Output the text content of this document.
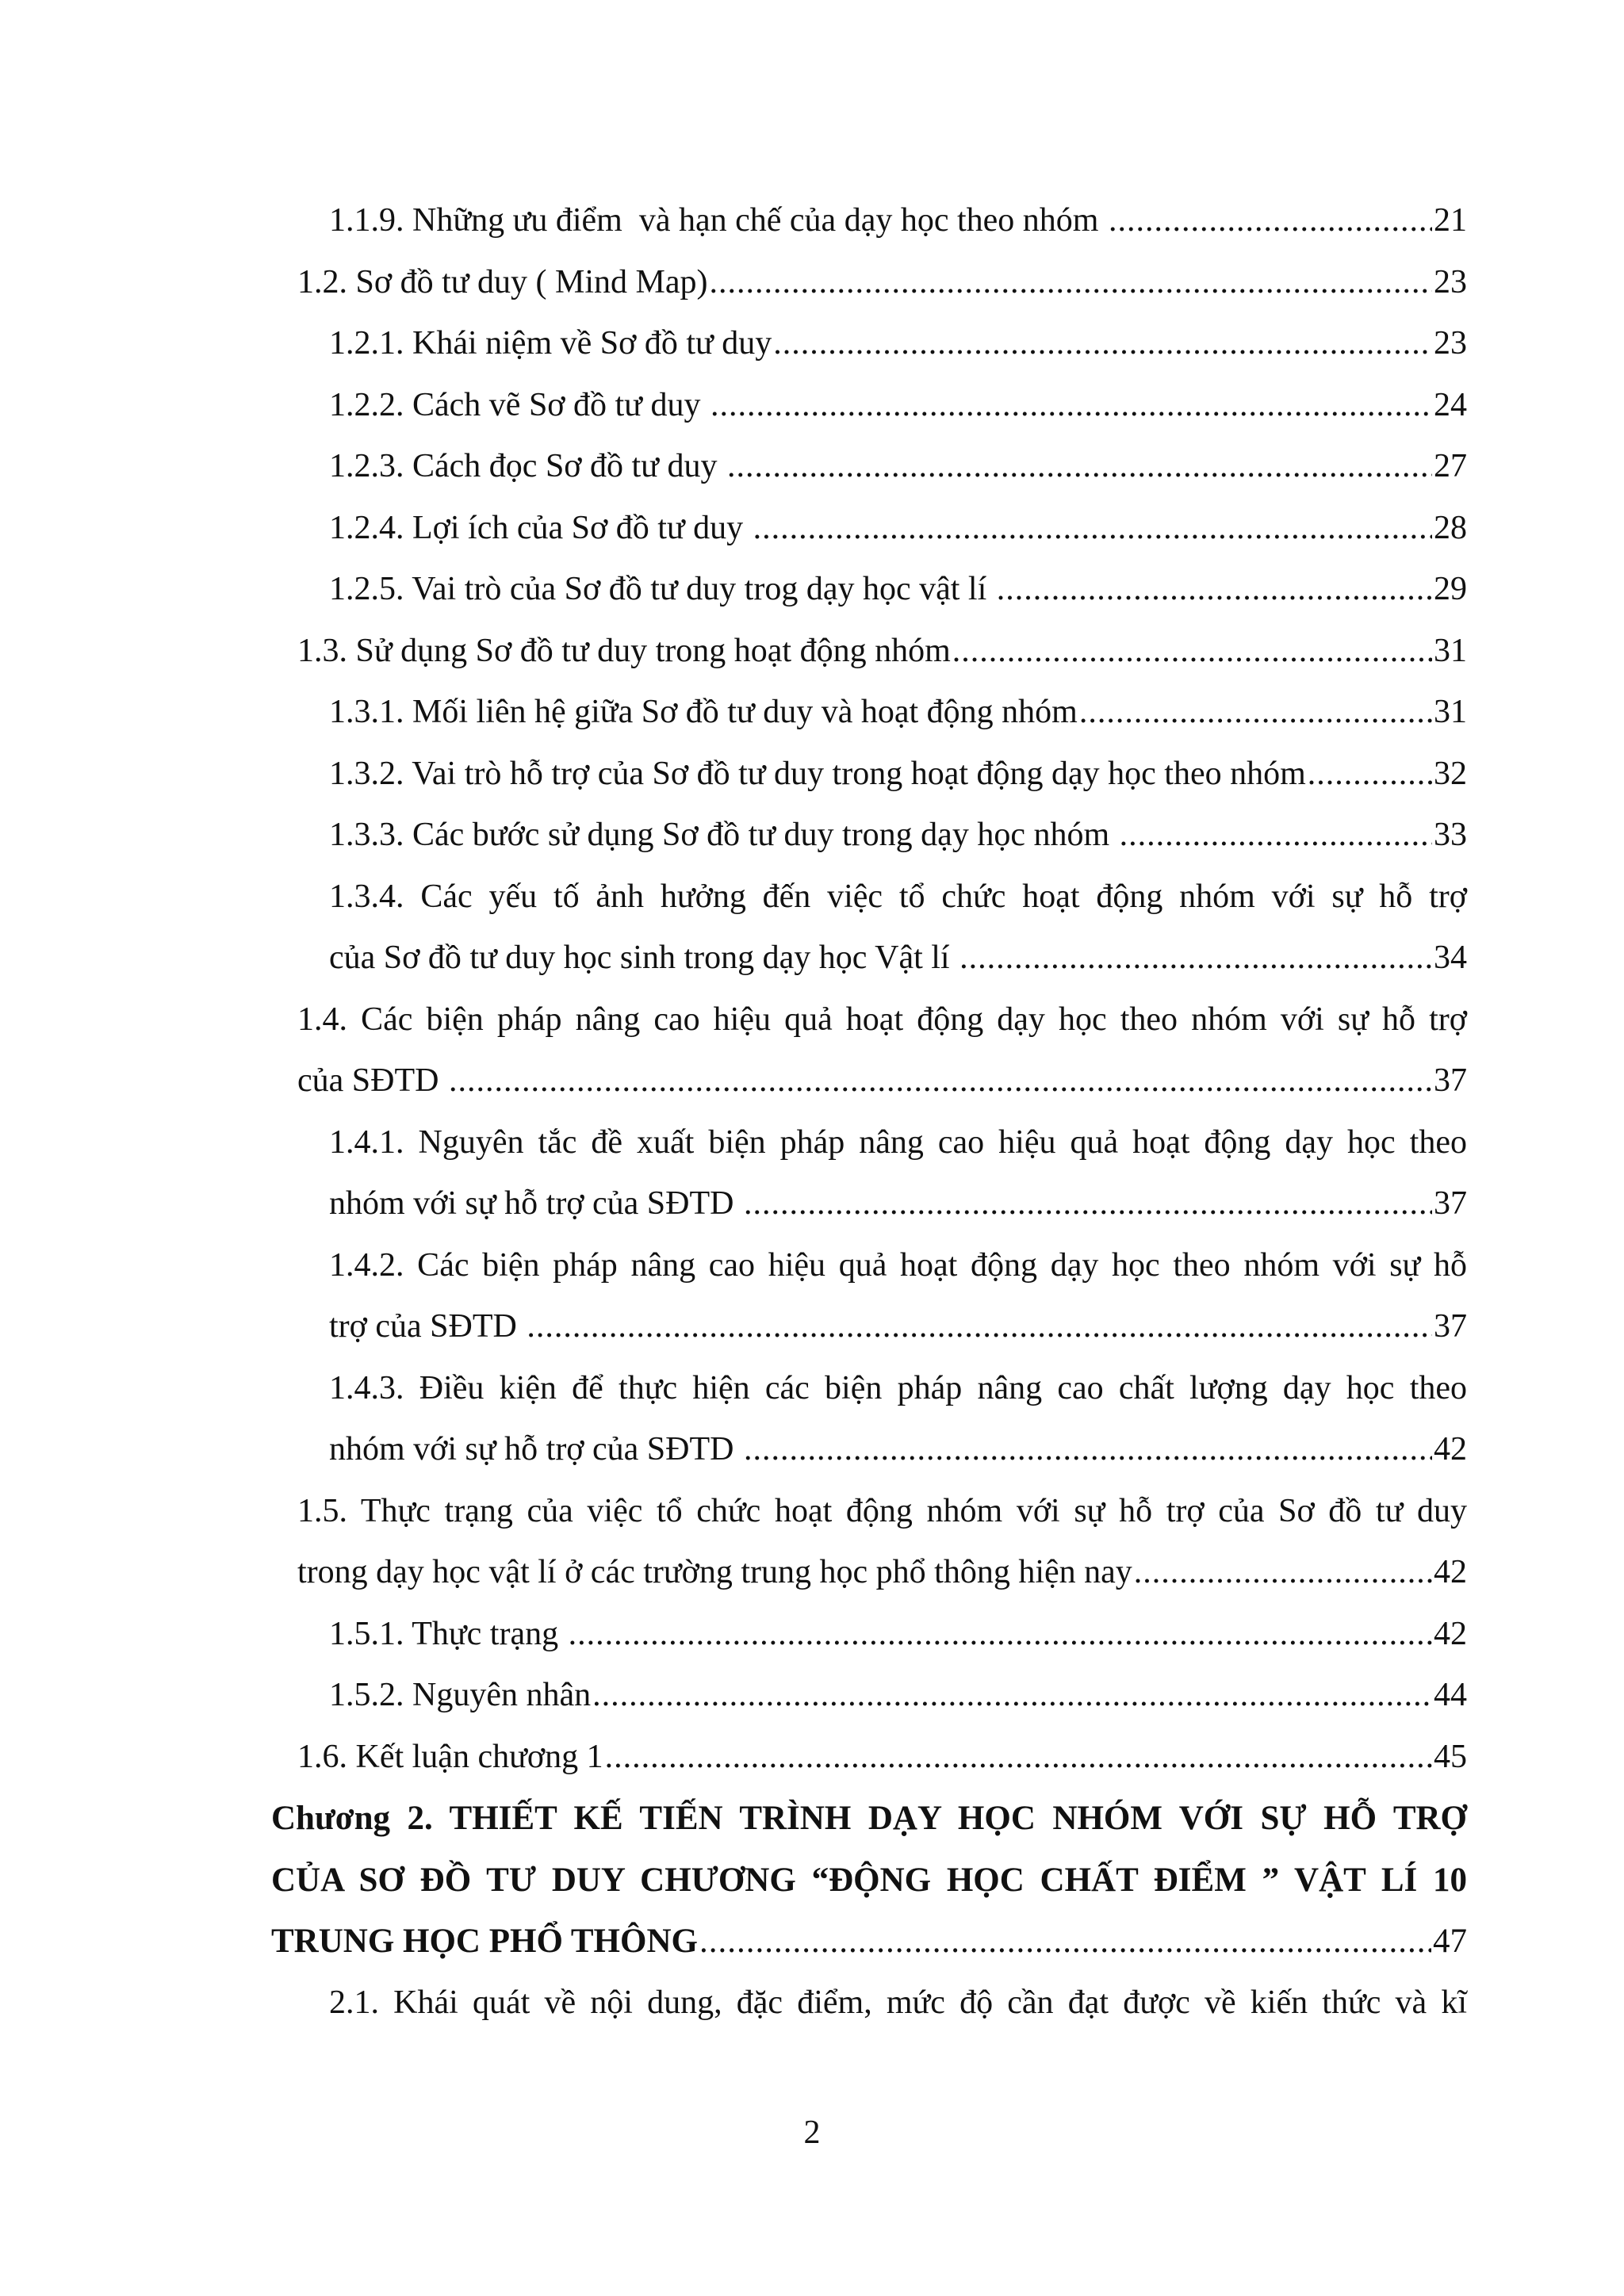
1.1.9. Những ưu điểm  và hạn chế của dạy học theo nhóm .....	21
1.2. Sơ đồ tư duy ( Mind Map) .....	23
1.2.1. Khái niệm về Sơ đồ tư duy .....	23
1.2.2. Cách vẽ Sơ đồ tư duy .....	24
1.2.3. Cách đọc Sơ đồ tư duy .....	27
1.2.4. Lợi ích của Sơ đồ tư duy .....	28
1.2.5. Vai trò của Sơ đồ tư duy trog dạy học vật lí .....	29
1.3. Sử dụng Sơ đồ tư duy trong hoạt động nhóm .....	31
1.3.1. Mối liên hệ giữa Sơ đồ tư duy và hoạt động nhóm .....	31
1.3.2. Vai trò hỗ trợ của Sơ đồ tư duy trong hoạt động dạy học theo nhóm .....	32
1.3.3. Các bước sử dụng Sơ đồ tư duy trong dạy học nhóm .....	33
1.3.4. Các yếu tố ảnh hưởng đến việc tổ chức hoạt động nhóm với sự hỗ trợ
của Sơ đồ tư duy học sinh trong dạy học Vật lí .....	34
1.4. Các biện pháp nâng cao hiệu quả hoạt động dạy học theo nhóm với sự hỗ trợ
của SĐTD .....	37
1.4.1. Nguyên tắc đề xuất biện pháp nâng cao hiệu quả hoạt động dạy học theo
nhóm với sự hỗ trợ của SĐTD .....	37
1.4.2. Các biện pháp nâng cao hiệu quả hoạt động dạy học theo nhóm với sự hỗ
trợ của SĐTD .....	37
1.4.3. Điều kiện để thực hiện các biện pháp nâng cao chất lượng dạy học theo
nhóm với sự hỗ trợ của SĐTD .....	42
1.5. Thực trạng của việc tổ chức hoạt động nhóm với sự hỗ trợ của Sơ đồ tư duy
trong dạy học vật lí ở các trường trung học phổ thông hiện nay .....	42
1.5.1. Thực trạng .....	42
1.5.2. Nguyên nhân .....	44
1.6. Kết luận chương 1 .....	45
Chương 2. THIẾT KẾ TIẾN TRÌNH DẠY HỌC NHÓM VỚI SỰ HỖ TRỢ
CỦA SƠ ĐỒ TƯ DUY CHƯƠNG “ĐỘNG HỌC CHẤT ĐIỂM ” VẬT LÍ 10
TRUNG HỌC PHỔ THÔNG .....	47
2.1. Khái quát về nội dung, đặc điểm, mức độ cần đạt được về kiến thức và kĩ
2
